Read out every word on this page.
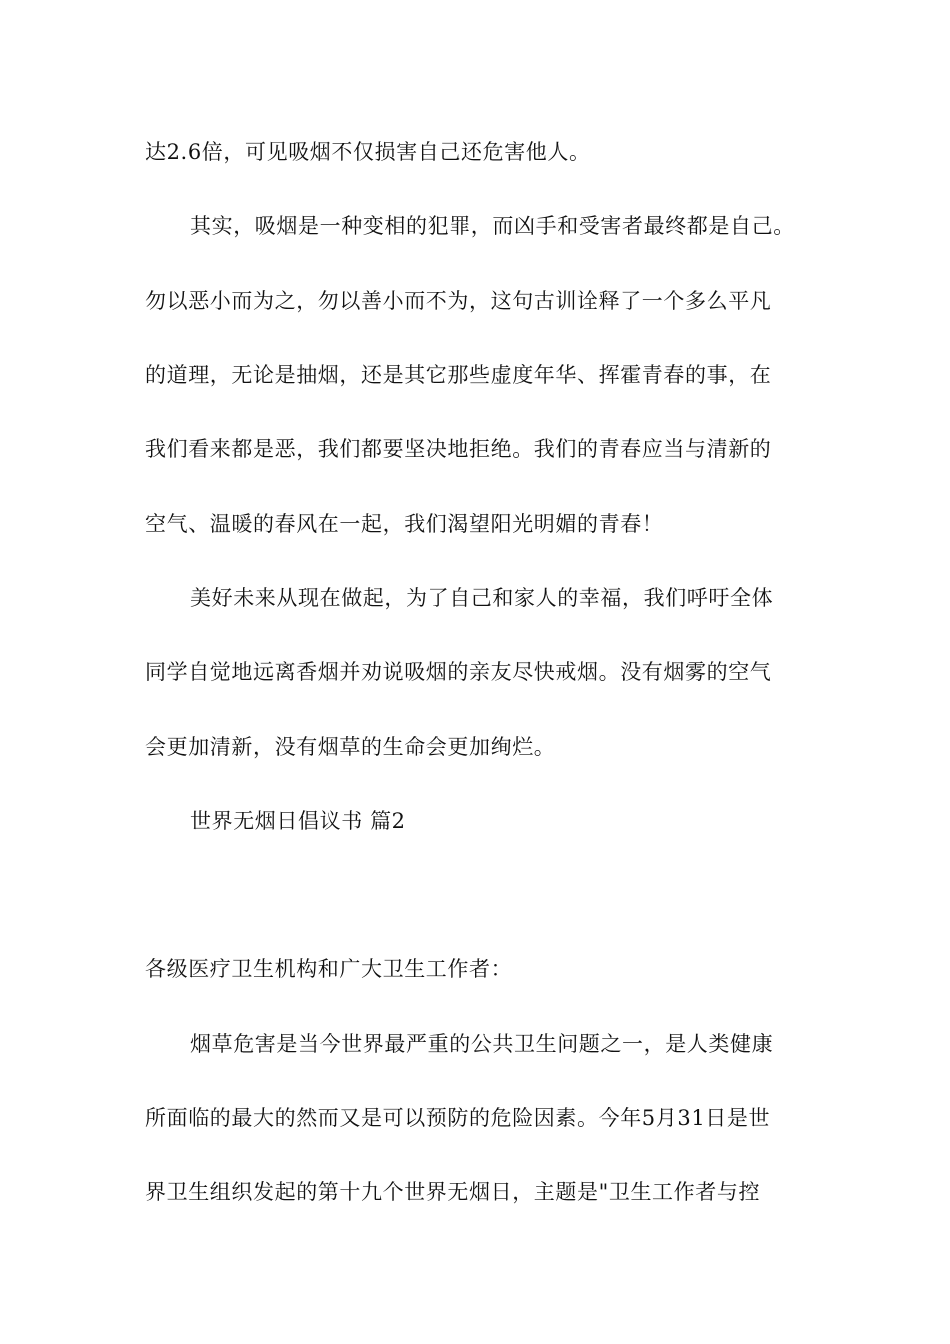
达2.6倍，可见吸烟不仅损害自己还危害他人。
其实，吸烟是一种变相的犯罪，而凶手和受害者最终都是自己。
勿以恶小而为之，勿以善小而不为，这句古训诠释了一个多么平凡
的道理，无论是抽烟，还是其它那些虚度年华、挥霍青春的事，在
我们看来都是恶，我们都要坚决地拒绝。我们的青春应当与清新的
空气、温暖的春风在一起，我们渴望阳光明媚的青春！
美好未来从现在做起，为了自己和家人的幸福，我们呼吁全体
同学自觉地远离香烟并劝说吸烟的亲友尽快戒烟。没有烟雾的空气
会更加清新，没有烟草的生命会更加绚烂。
世界无烟日倡议书 篇2
各级医疗卫生机构和广大卫生工作者：
烟草危害是当今世界最严重的公共卫生问题之一，是人类健康
所面临的最大的然而又是可以预防的危险因素。今年5月31日是世
界卫生组织发起的第十九个世界无烟日，主题是"卫生工作者与控
